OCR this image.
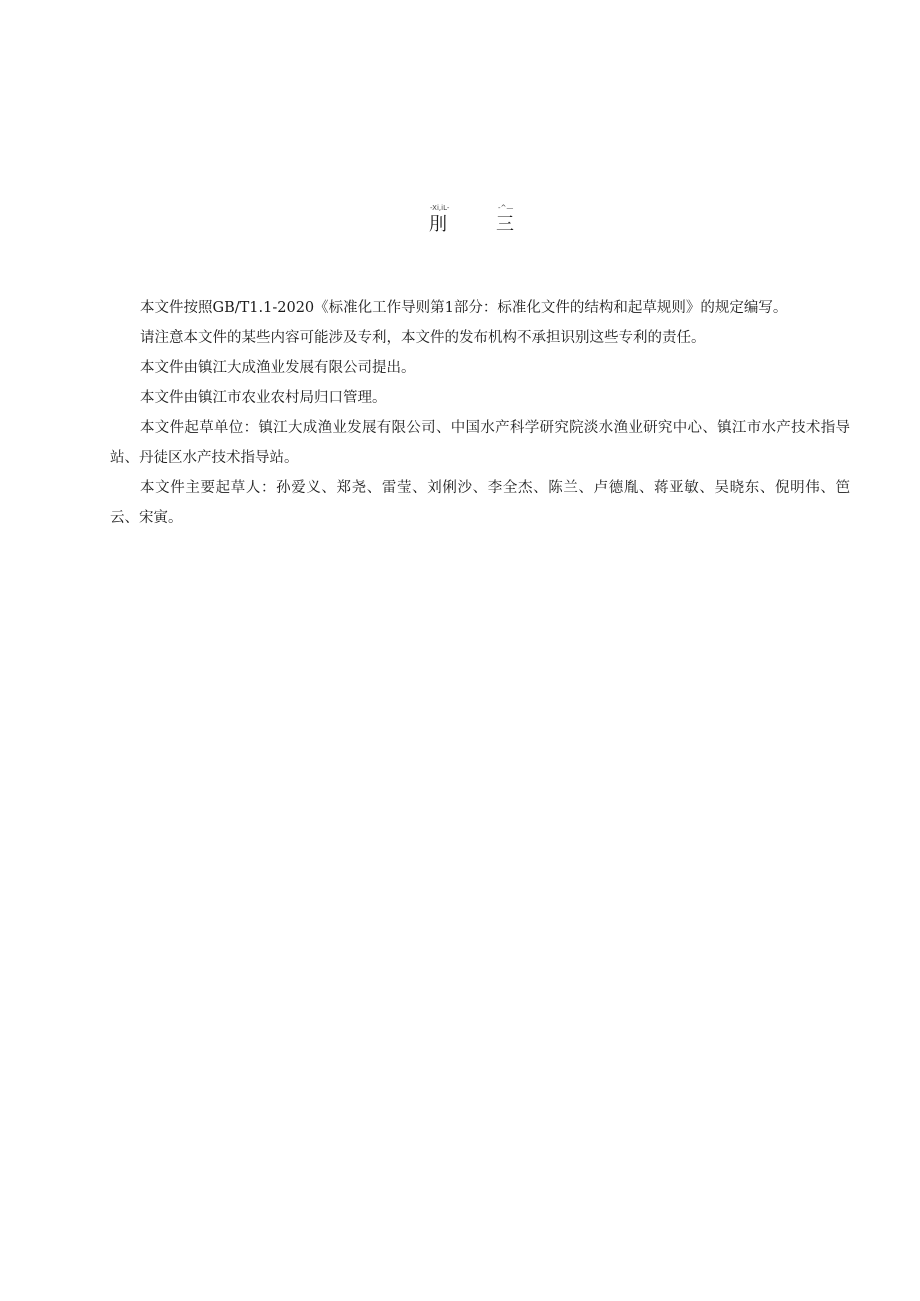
-Xi,iL-	-^—
刖	三

本文件按照GB/T1.1-2020《标准化工作导则第1部分：标准化文件的结构和起草规则》的规定编写。

请注意本文件的某些内容可能涉及专利，本文件的发布机构不承担识别这些专利的责任。

本文件由镇江大成渔业发展有限公司提出。

本文件由镇江市农业农村局归口管理。

本文件起草单位：镇江大成渔业发展有限公司、中国水产科学研究院淡水渔业研究中心、镇江市水产技术指导站、丹徒区水产技术指导站。

本文件主要起草人：孙爱义、郑尧、雷莹、刘俐沙、李全杰、陈兰、卢德胤、蒋亚敏、吴晓东、倪明伟、笆云、宋寅。
